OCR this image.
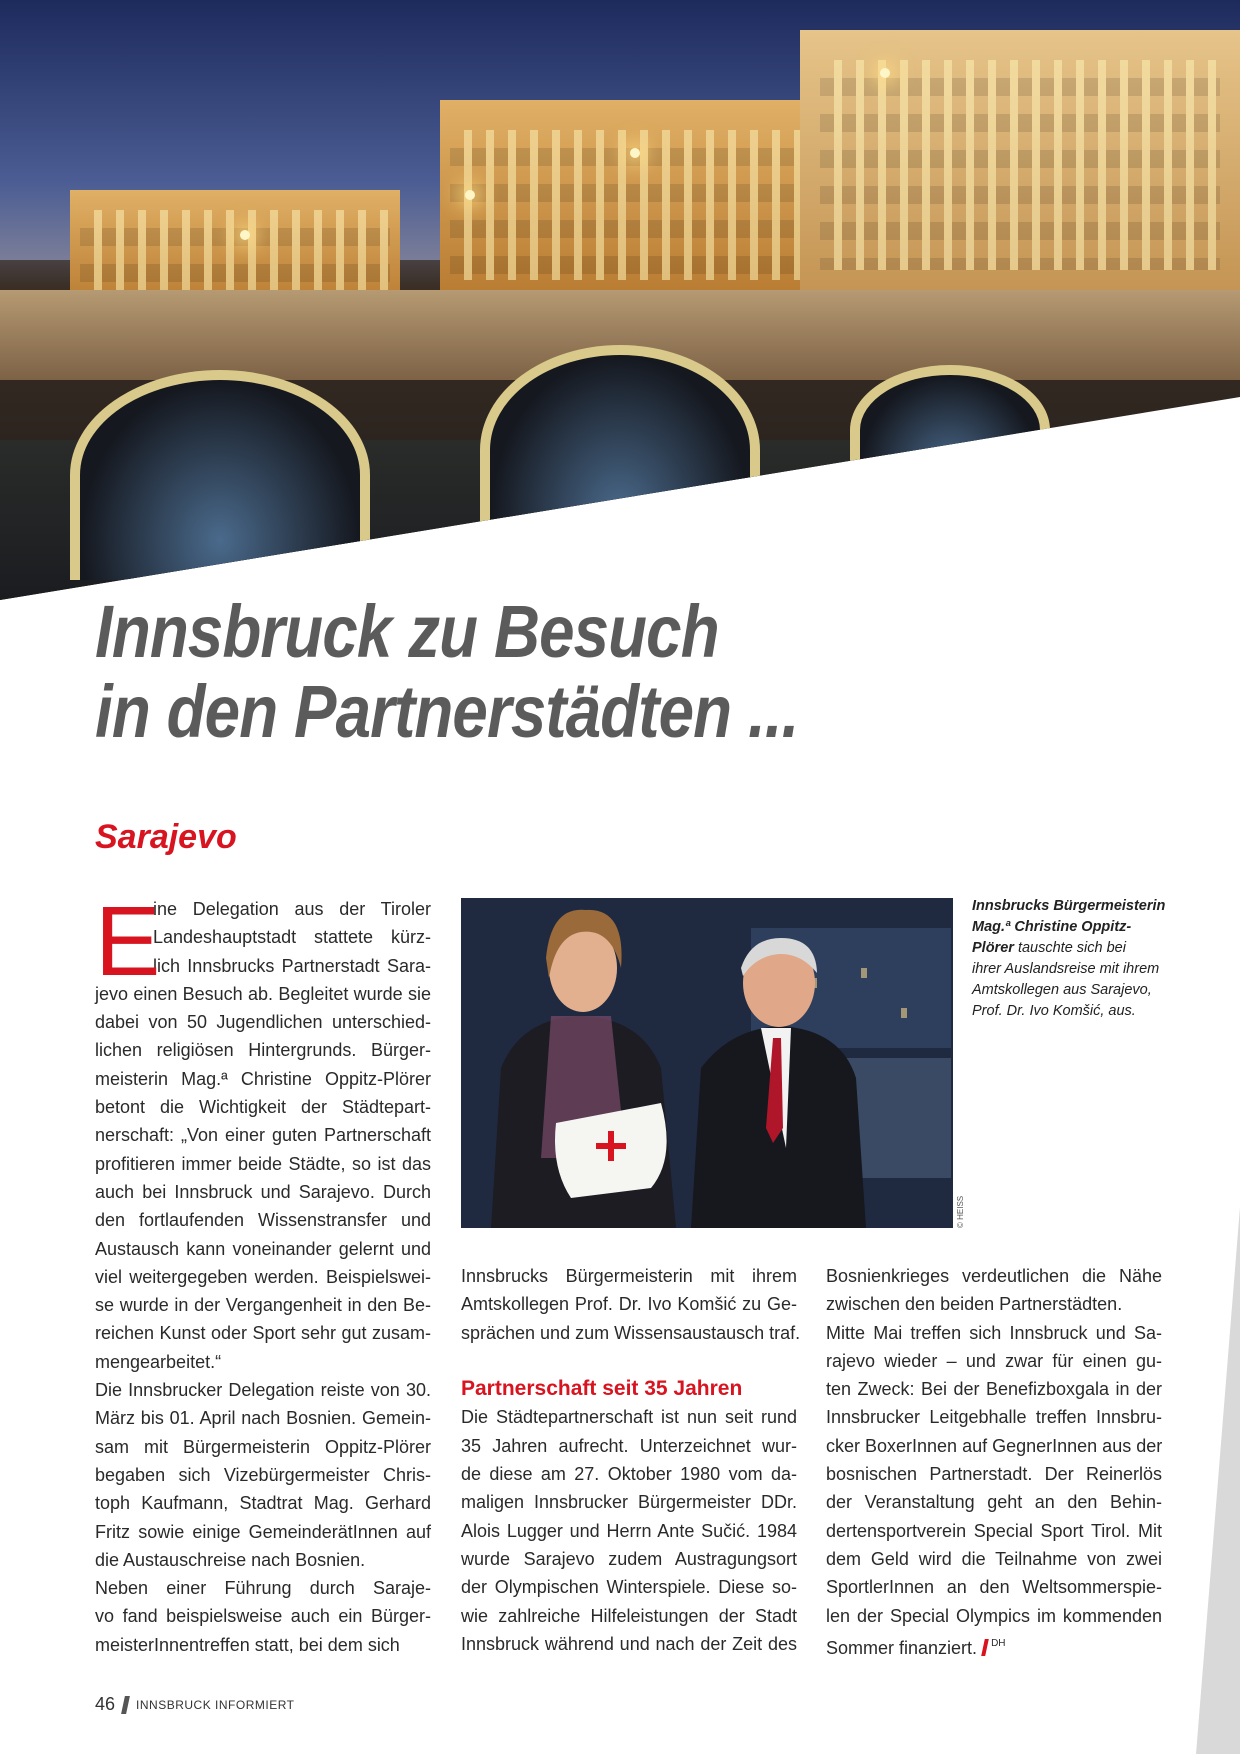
Innsbruck zu Besuch
in den Partnerstädten ...
Sarajevo
E
ine Delegation aus der Tiroler
Landeshauptstadt stattete kürz-
lich Innsbrucks Partnerstadt Sara-
jevo einen Besuch ab. Begleitet wurde sie
dabei von 50 Jugendlichen unterschied-
lichen religiösen Hintergrunds. Bürger-
meisterin Mag.ª Christine Oppitz-Plörer
betont die Wichtigkeit der Städtepart-
nerschaft: „Von einer guten Partnerschaft
profitieren immer beide Städte, so ist das
auch bei Innsbruck und Sarajevo. Durch
den fortlaufenden Wissenstransfer und
Austausch kann voneinander gelernt und
viel weitergegeben werden. Beispielswei-
se wurde in der Vergangenheit in den Be-
reichen Kunst oder Sport sehr gut zusam-
mengearbeitet.“
Die Innsbrucker Delegation reiste von 30.
März bis 01. April nach Bosnien. Gemein-
sam mit Bürgermeisterin Oppitz-Plörer
begaben sich Vizebürgermeister Chris-
toph Kaufmann, Stadtrat Mag. Gerhard
Fritz sowie einige GemeinderätInnen auf
die Austauschreise nach Bosnien.
Neben einer Führung durch Saraje-
vo fand beispielsweise auch ein Bürger-
meisterInnentreffen statt, bei dem sich
© HEISS
Innsbrucks Bürgermeisterin
Mag.ª Christine Oppitz-
Plörer tauschte sich bei
ihrer Auslandsreise mit ihrem
Amtskollegen aus Sarajevo,
Prof. Dr. Ivo Komšić, aus.
Innsbrucks Bürgermeisterin mit ihrem
Amtskollegen Prof. Dr. Ivo Komšić zu Ge-
sprächen und zum Wissensaustausch traf.
Partnerschaft seit 35 Jahren
Die Städtepartnerschaft ist nun seit rund
35 Jahren aufrecht. Unterzeichnet wur-
de diese am 27. Oktober 1980 vom da-
maligen Innsbrucker Bürgermeister DDr.
Alois Lugger und Herrn Ante Sučić. 1984
wurde Sarajevo zudem Austragungsort
der Olympischen Winterspiele. Diese so-
wie zahlreiche Hilfeleistungen der Stadt
Innsbruck während und nach der Zeit des
Bosnienkrieges verdeutlichen die Nähe
zwischen den beiden Partnerstädten.
Mitte Mai treffen sich Innsbruck und Sa-
rajevo wieder – und zwar für einen gu-
ten Zweck: Bei der Benefizboxgala in der
Innsbrucker Leitgebhalle treffen Innsbru-
cker BoxerInnen auf GegnerInnen aus der
bosnischen Partnerstadt. Der Reinerlös
der Veranstaltung geht an den Behin-
dertensportverein Special Sport Tirol. Mit
dem Geld wird die Teilnahme von zwei
SportlerInnen an den Weltsommerspie-
len der Special Olympics im kommenden
Sommer finanziert. $^{DH}$
46 INNSBRUCK INFORMIERT
